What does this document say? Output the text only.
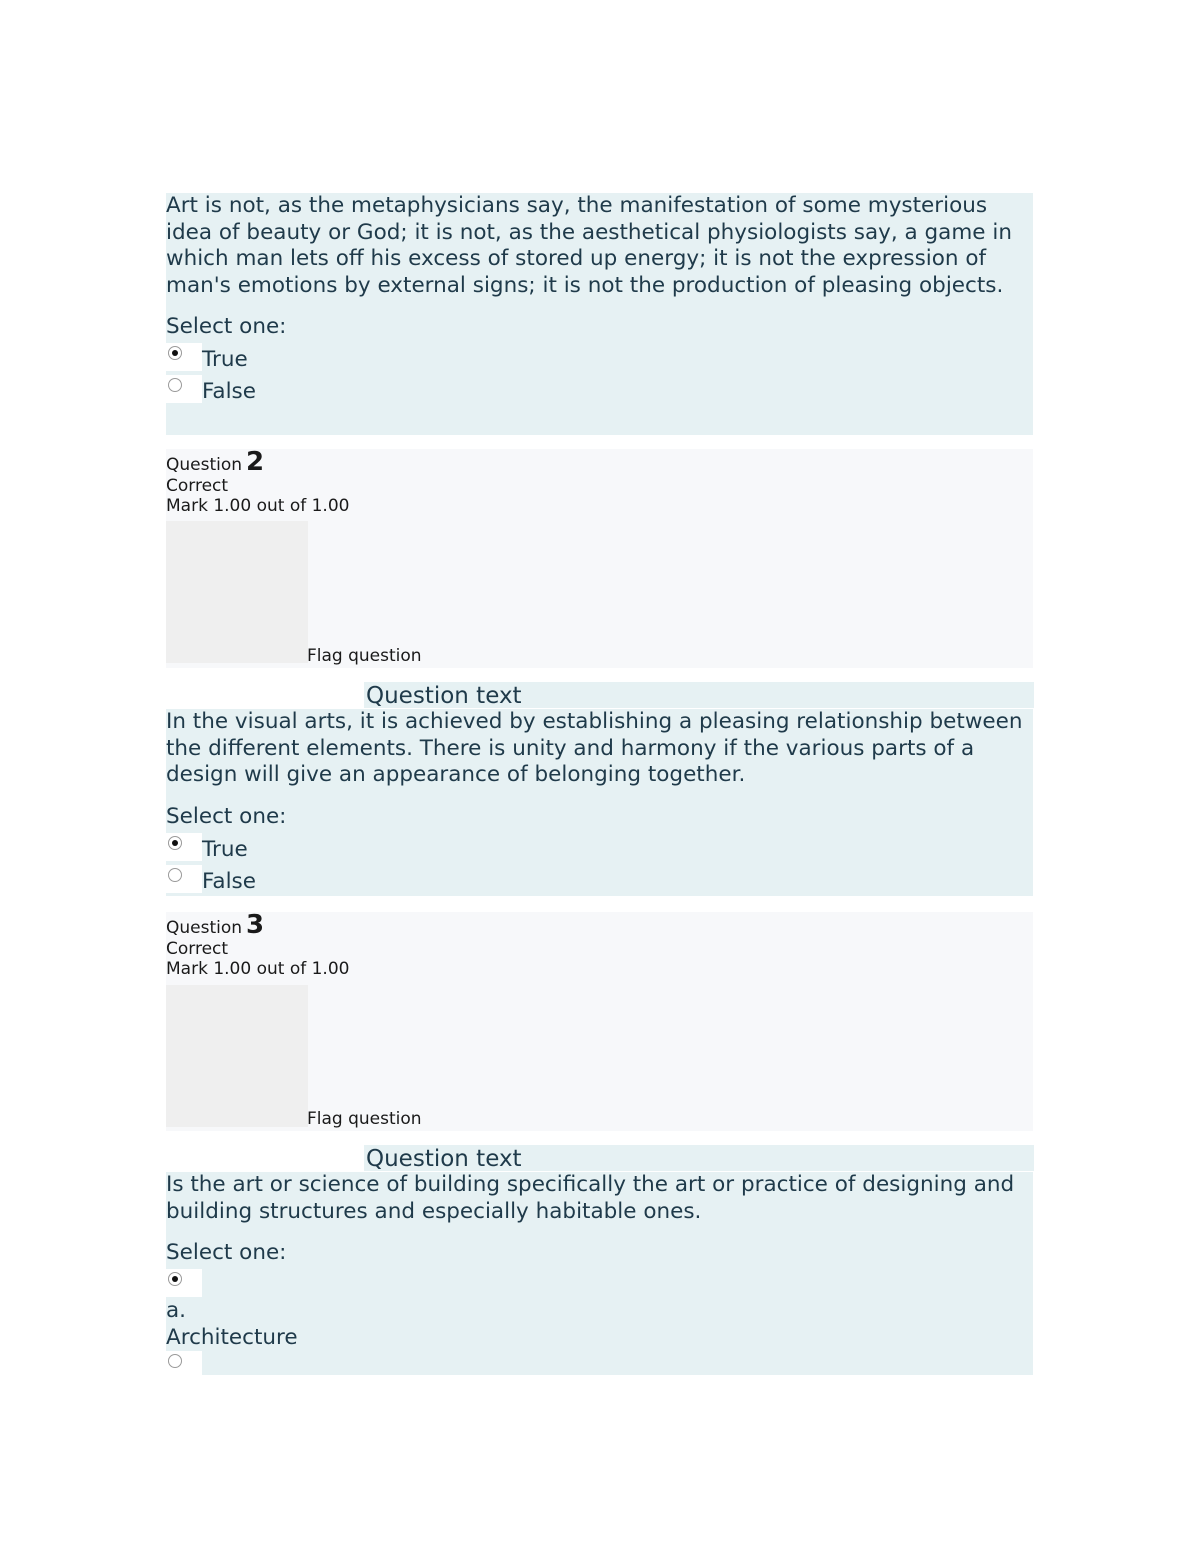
Art is not, as the metaphysicians say, the manifestation of some mysterious idea of beauty or God; it is not, as the aesthetical physiologists say, a game in which man lets off his excess of stored up energy; it is not the expression of man's emotions by external signs; it is not the production of pleasing objects.

Select one:
True
False
Question 2
Correct
Mark 1.00 out of 1.00
Flag question
Question text

In the visual arts, it is achieved by establishing a pleasing relationship between the different elements. There is unity and harmony if the various parts of a design will give an appearance of belonging together.

Select one:
True
False
Question 3
Correct
Mark 1.00 out of 1.00
Flag question
Question text

Is the art or science of building specifically the art or practice of designing and building structures and especially habitable ones.

Select one:
a.
Architecture
